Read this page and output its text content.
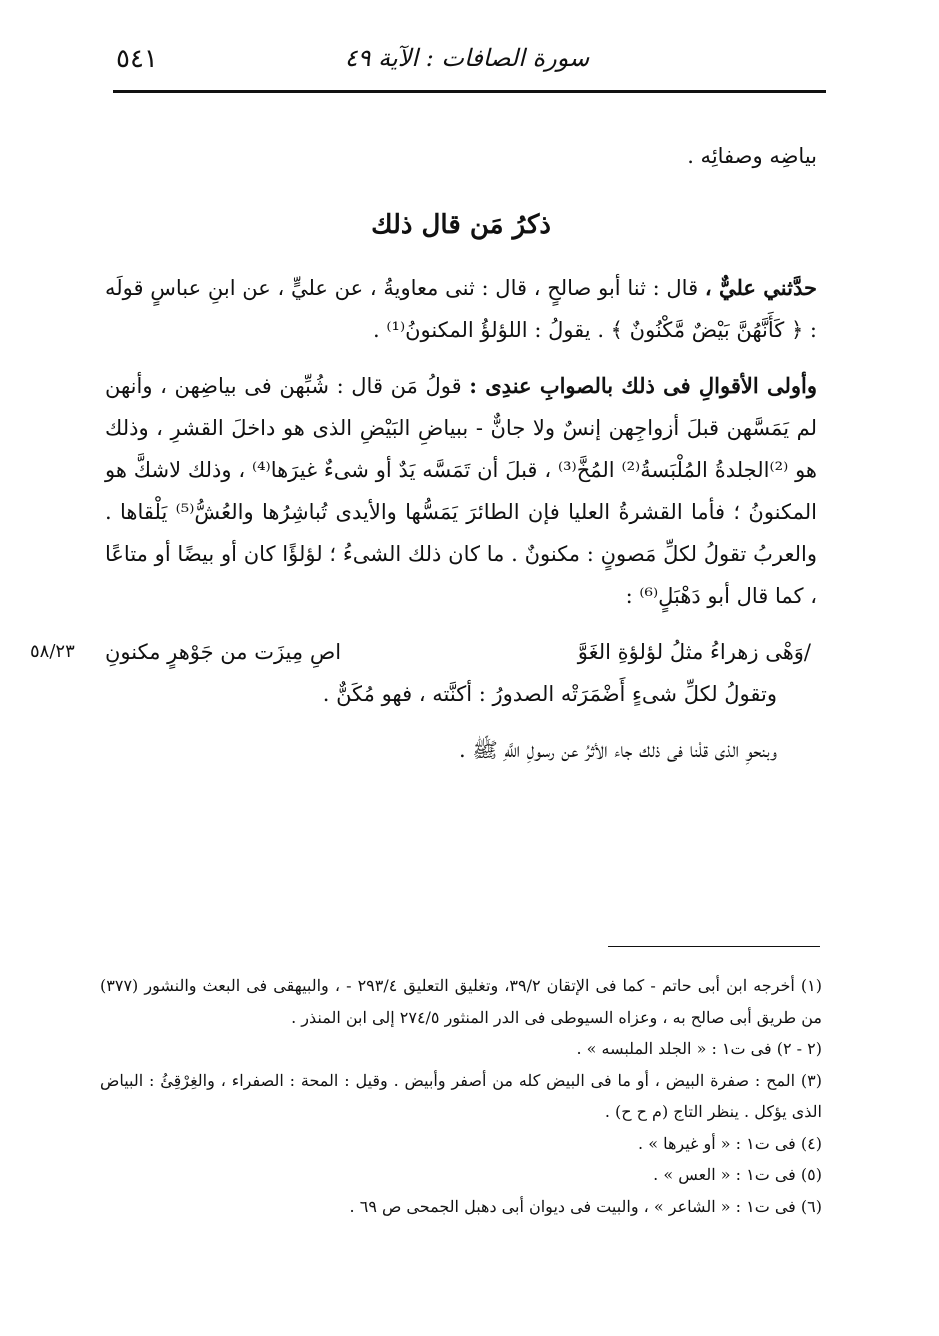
٥٤١	سورة الصافات : الآية ٤٩

بياضِه وصفائِه .

ذكرُ مَن قال ذلك

حدَّثني عليٌّ ، قال : ثنا أبو صالحٍ ، قال : ثنى معاويةُ ، عن عليٍّ ، عن ابنِ عباسٍ قولَه : ﴿ كَأَنَّهُنَّ بَيْضٌ مَّكْنُونٌ ﴾ . يقولُ : اللؤلؤُ المكنونُ⁽¹⁾ .

وأولى الأقوالِ فى ذلك بالصوابِ عندِى : قولُ مَن قال : شُبِّهن فى بياضِهن ، وأنهن لم يَمَسَّهن قبلَ أزواجِهن إنسٌ ولا جانٌّ - ببياضِ البَيْضِ الذى هو داخلَ القشرِ ، وذلك هو ⁽²⁾الجلدةُ المُلْبَسةُ⁽²⁾ المُخَّ⁽³⁾ ، قبلَ أن تَمَسَّه يَدٌ أو شىءٌ غيرَها⁽⁴⁾ ، وذلك لاشكَّ هو المكنونُ ؛ فأما القشرةُ العليا فإن الطائرَ يَمَسُّها والأيدى تُباشِرُها والعُشُّ⁽⁵⁾ يَلْقاها . والعربُ تقولُ لكلِّ مَصونٍ : مكنونٌ . ما كان ذلك الشىءُ ؛ لؤلؤًا كان أو بيضًا أو متاعًا ، كما قال أبو دَهْبَلٍ⁽⁶⁾ :

٥٨/٢٣	/وَهْى زهراءُ مثلُ لؤلؤةِ الغَوَّ
اصِ مِيزَت من جَوْهرٍ مكنونِ

وتقولُ لكلِّ شىءٍ أَضْمَرَتْه الصدورُ : أكنَّته ، فهو مُكَنٌّ .

وبنحوِ الذى قلْنا فى ذلك جاء الأثرُ عن رسولِ اللَّهِ ﷺ .

(١) أخرجه ابن أبى حاتم - كما فى الإتقان ٣٩/٢، وتغليق التعليق ٢٩٣/٤ - ، والبيهقى فى البعث والنشور (٣٧٧) من طريق أبى صالح به ، وعزاه السيوطى فى الدر المنثور ٢٧٤/٥ إلى ابن المنذر .

(٢ - ٢) فى ت١ : « الجلد الملبسه » .

(٣) المح : صفرة البيض ، أو ما فى البيض كله من أصفر وأبيض . وقيل : المحة : الصفراء ، والغِرْقِئُ : البياض الذى يؤكل . ينظر التاج (م ح ح) .

(٤) فى ت١ : « أو غيرها » .

(٥) فى ت١ : « العس » .

(٦) فى ت١ : « الشاعر » ، والبيت فى ديوان أبى دهبل الجمحى ص ٦٩ .
